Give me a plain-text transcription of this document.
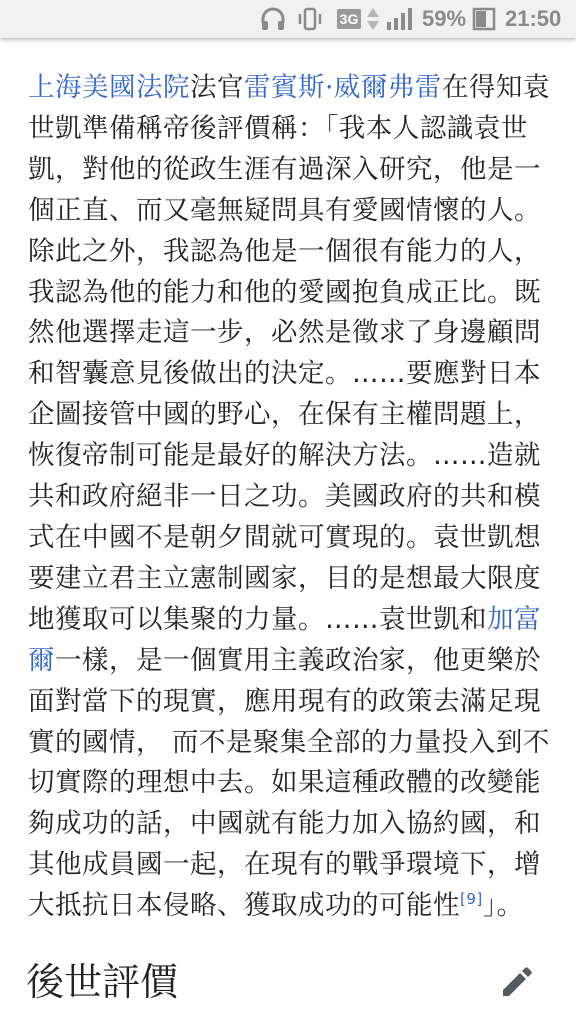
3G	59% 21:50
上海美國法院法官雷賓斯·威爾弗雷在得知袁世凱準備稱帝後評價稱：「我本人認識袁世凱，對他的從政生涯有過深入研究，他是一個正直、而又毫無疑問具有愛國情懷的人。除此之外，我認為他是一個很有能力的人，我認為他的能力和他的愛國抱負成正比。既然他選擇走這一步，必然是徵求了身邊顧問和智囊意見後做出的決定。……要應對日本企圖接管中國的野心，在保有主權問題上，恢復帝制可能是最好的解決方法。……造就共和政府絕非一日之功。美國政府的共和模式在中國不是朝夕間就可實現的。袁世凱想要建立君主立憲制國家，目的是想最大限度地獲取可以集聚的力量。……袁世凱和加富爾一樣，是一個實用主義政治家，他更樂於面對當下的現實，應用現有的政策去滿足現實的國情， 而不是聚集全部的力量投入到不切實際的理想中去。如果這種政體的改變能夠成功的話，中國就有能力加入協約國，和其他成員國一起，在現有的戰爭環境下，增大抵抗日本侵略、獲取成功的可能性[9]」。
後世評價
